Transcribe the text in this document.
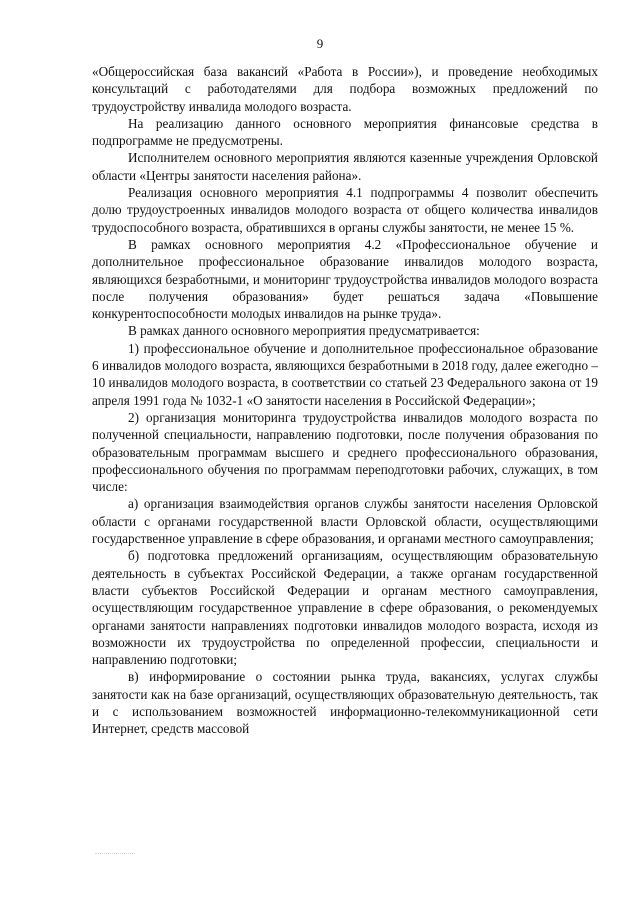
9

«Общероссийская база вакансий «Работа в России»), и проведение необходимых консультаций с работодателями для подбора возможных предложений по трудоустройству инвалида молодого возраста.

На реализацию данного основного мероприятия финансовые средства в подпрограмме не предусмотрены.

Исполнителем основного мероприятия являются казенные учреждения Орловской области «Центры занятости населения района».

Реализация основного мероприятия 4.1 подпрограммы 4 позволит обеспечить долю трудоустроенных инвалидов молодого возраста от общего количества инвалидов трудоспособного возраста, обратившихся в органы службы занятости, не менее 15 %.

В рамках основного мероприятия 4.2 «Профессиональное обучение и дополнительное профессиональное образование инвалидов молодого возраста, являющихся безработными, и мониторинг трудоустройства инвалидов молодого возраста после получения образования» будет решаться задача «Повышение конкурентоспособности молодых инвалидов на рынке труда».

В рамках данного основного мероприятия предусматривается:

1) профессиональное обучение и дополнительное профессиональное образование 6 инвалидов молодого возраста, являющихся безработными в 2018 году, далее ежегодно – 10 инвалидов молодого возраста, в соответствии со статьей 23 Федерального закона от 19 апреля 1991 года № 1032-1 «О занятости населения в Российской Федерации»;

2) организация мониторинга трудоустройства инвалидов молодого возраста по полученной специальности, направлению подготовки, после получения образования по образовательным программам высшего и среднего профессионального образования, профессионального обучения по программам переподготовки рабочих, служащих, в том числе:

а) организация взаимодействия органов службы занятости населения Орловской области с органами государственной власти Орловской области, осуществляющими государственное управление в сфере образования, и органами местного самоуправления;

б) подготовка предложений организациям, осуществляющим образовательную деятельность в субъектах Российской Федерации, а также органам государственной власти субъектов Российской Федерации и органам местного самоуправления, осуществляющим государственное управление в сфере образования, о рекомендуемых органами занятости направлениях подготовки инвалидов молодого возраста, исходя из возможности их трудоустройства по определенной профессии, специальности и направлению подготовки;

в) информирование о состоянии рынка труда, вакансиях, услугах службы занятости как на базе организаций, осуществляющих образовательную деятельность, так и с использованием возможностей информационно-телекоммуникационной сети Интернет, средств массовой
